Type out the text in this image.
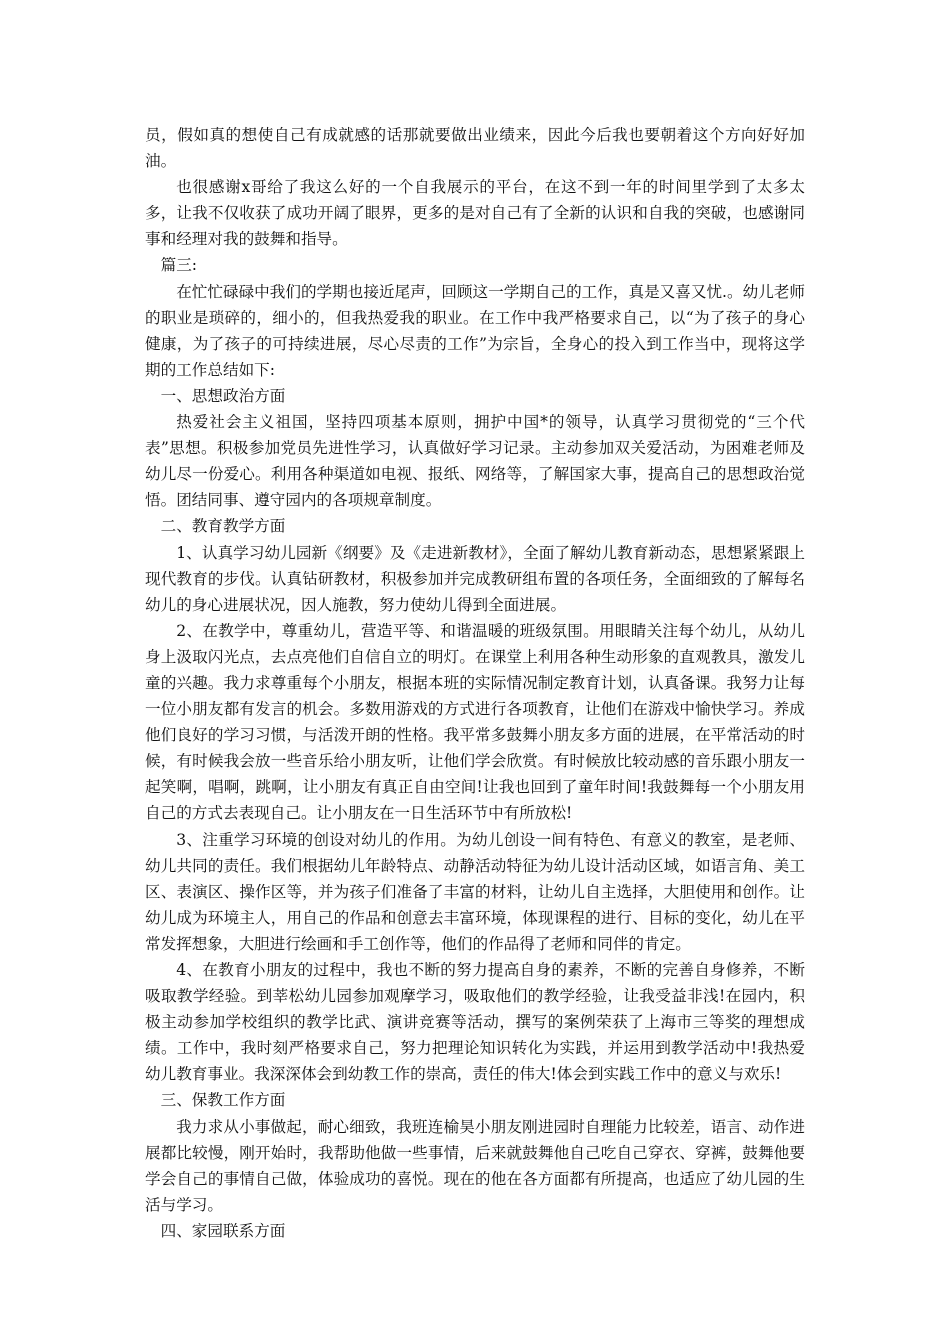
员，假如真的想使自己有成就感的话那就要做出业绩来，因此今后我也要朝着这个方向好好加油。

也很感谢x哥给了我这么好的一个自我展示的平台，在这不到一年的时间里学到了太多太多，让我不仅收获了成功开阔了眼界，更多的是对自己有了全新的认识和自我的突破，也感谢同事和经理对我的鼓舞和指导。

篇三:

在忙忙碌碌中我们的学期也接近尾声，回顾这一学期自己的工作，真是又喜又忧.。幼儿老师的职业是琐碎的，细小的，但我热爱我的职业。在工作中我严格要求自己，以“为了孩子的身心健康，为了孩子的可持续进展，尽心尽责的工作”为宗旨，全身心的投入到工作当中，现将这学期的工作总结如下:

一、思想政治方面

热爱社会主义祖国，坚持四项基本原则，拥护中国*的领导，认真学习贯彻党的“三个代表”思想。积极参加党员先进性学习，认真做好学习记录。主动参加双关爱活动，为困难老师及幼儿尽一份爱心。利用各种渠道如电视、报纸、网络等，了解国家大事，提高自己的思想政治觉悟。团结同事、遵守园内的各项规章制度。

二、教育教学方面

1、认真学习幼儿园新《纲要》及《走进新教材》，全面了解幼儿教育新动态，思想紧紧跟上现代教育的步伐。认真钻研教材，积极参加并完成教研组布置的各项任务，全面细致的了解每名幼儿的身心进展状况，因人施教，努力使幼儿得到全面进展。

2、在教学中，尊重幼儿，营造平等、和谐温暖的班级氛围。用眼睛关注每个幼儿，从幼儿身上汲取闪光点，去点亮他们自信自立的明灯。在课堂上利用各种生动形象的直观教具，激发儿童的兴趣。我力求尊重每个小朋友，根据本班的实际情况制定教育计划，认真备课。我努力让每一位小朋友都有发言的机会。多数用游戏的方式进行各项教育，让他们在游戏中愉快学习。养成他们良好的学习习惯，与活泼开朗的性格。我平常多鼓舞小朋友多方面的进展，在平常活动的时候，有时候我会放一些音乐给小朋友听，让他们学会欣赏。有时候放比较动感的音乐跟小朋友一起笑啊，唱啊，跳啊，让小朋友有真正自由空间!让我也回到了童年时间!我鼓舞每一个小朋友用自己的方式去表现自己。让小朋友在一日生活环节中有所放松!

3、注重学习环境的创设对幼儿的作用。为幼儿创设一间有特色、有意义的教室，是老师、幼儿共同的责任。我们根据幼儿年龄特点、动静活动特征为幼儿设计活动区域，如语言角、美工区、表演区、操作区等，并为孩子们准备了丰富的材料，让幼儿自主选择，大胆使用和创作。让幼儿成为环境主人，用自己的作品和创意去丰富环境，体现课程的进行、目标的变化，幼儿在平常发挥想象，大胆进行绘画和手工创作等，他们的作品得了老师和同伴的肯定。

4、在教育小朋友的过程中，我也不断的努力提高自身的素养，不断的完善自身修养，不断吸取教学经验。到莘松幼儿园参加观摩学习，吸取他们的教学经验，让我受益非浅!在园内，积极主动参加学校组织的教学比武、演讲竞赛等活动，撰写的案例荣获了上海市三等奖的理想成绩。工作中，我时刻严格要求自己，努力把理论知识转化为实践，并运用到教学活动中!我热爱幼儿教育事业。我深深体会到幼教工作的崇高，责任的伟大!体会到实践工作中的意义与欢乐!

三、保教工作方面

我力求从小事做起，耐心细致，我班连榆昊小朋友刚进园时自理能力比较差，语言、动作进展都比较慢，刚开始时，我帮助他做一些事情，后来就鼓舞他自己吃自己穿衣、穿裤，鼓舞他要学会自己的事情自己做，体验成功的喜悦。现在的他在各方面都有所提高，也适应了幼儿园的生活与学习。

四、家园联系方面
